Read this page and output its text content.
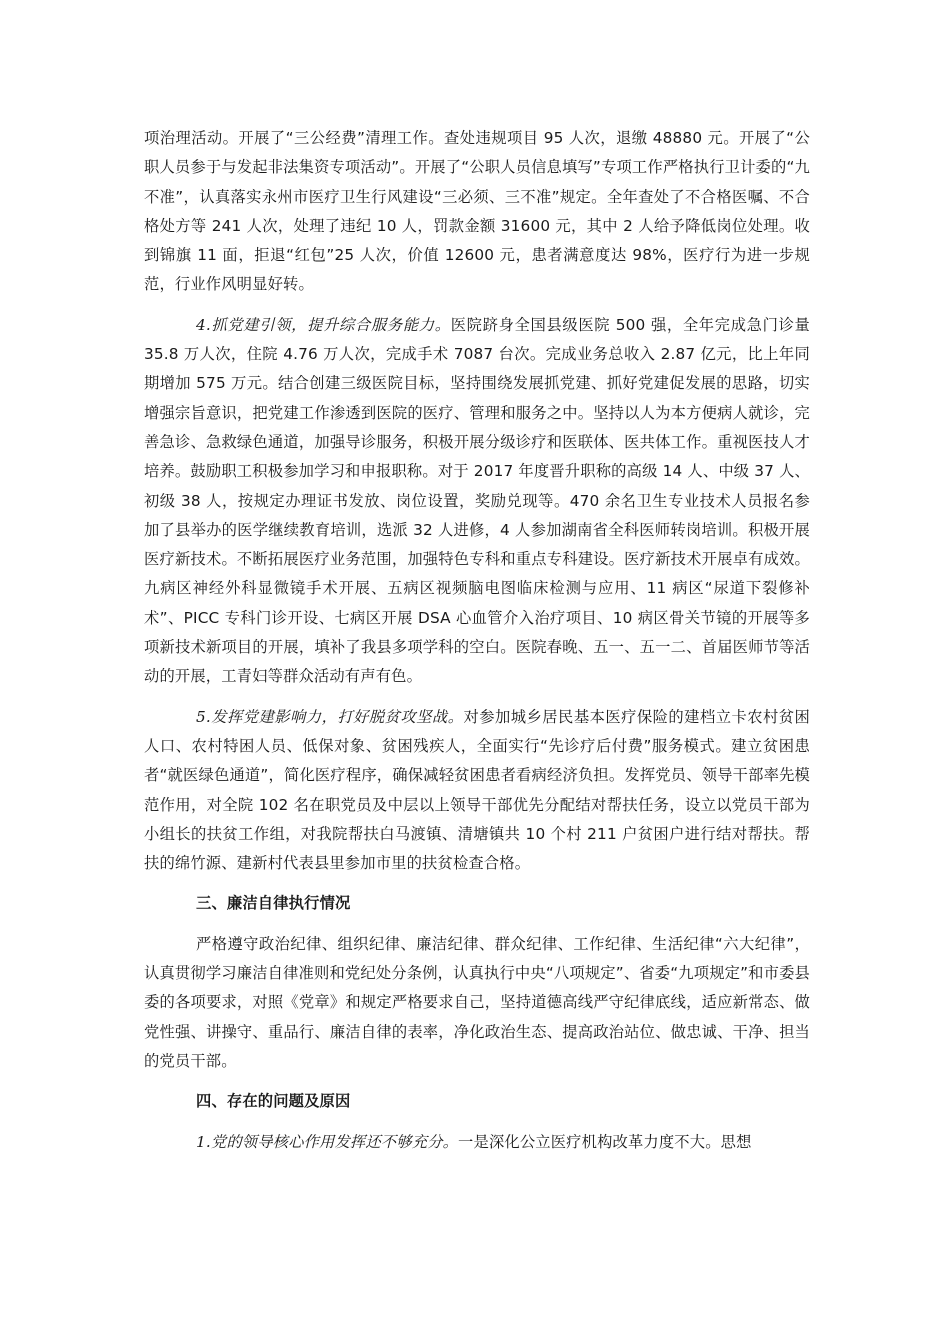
项治理活动。开展了“三公经费”清理工作。查处违规项目 95 人次，退缴 48880 元。开展了“公职人员参于与发起非法集资专项活动”。开展了“公职人员信息填写”专项工作严格执行卫计委的“九不准”，认真落实永州市医疗卫生行风建设“三必须、三不准”规定。全年查处了不合格医嘱、不合格处方等 241 人次，处理了违纪 10 人，罚款金额 31600 元，其中 2 人给予降低岗位处理。收到锦旗 11 面，拒退“红包”25 人次，价值 12600 元，患者满意度达 98%，医疗行为进一步规范，行业作风明显好转。

4.抓党建引领，提升综合服务能力。医院跻身全国县级医院 500 强，全年完成急门诊量 35.8 万人次，住院 4.76 万人次，完成手术 7087 台次。完成业务总收入 2.87 亿元，比上年同期增加 575 万元。结合创建三级医院目标，坚持围绕发展抓党建、抓好党建促发展的思路，切实增强宗旨意识，把党建工作渗透到医院的医疗、管理和服务之中。坚持以人为本方便病人就诊，完善急诊、急救绿色通道，加强导诊服务，积极开展分级诊疗和医联体、医共体工作。重视医技人才培养。鼓励职工积极参加学习和申报职称。对于 2017 年度晋升职称的高级 14 人、中级 37 人、初级 38 人，按规定办理证书发放、岗位设置，奖励兑现等。470 余名卫生专业技术人员报名参加了县举办的医学继续教育培训，选派 32 人进修，4 人参加湖南省全科医师转岗培训。积极开展医疗新技术。不断拓展医疗业务范围，加强特色专科和重点专科建设。医疗新技术开展卓有成效。九病区神经外科显微镜手术开展、五病区视频脑电图临床检测与应用、11 病区“尿道下裂修补术”、PICC 专科门诊开设、七病区开展 DSA 心血管介入治疗项目、10 病区骨关节镜的开展等多项新技术新项目的开展，填补了我县多项学科的空白。医院春晚、五一、五一二、首届医师节等活动的开展，工青妇等群众活动有声有色。

5.发挥党建影响力，打好脱贫攻坚战。对参加城乡居民基本医疗保险的建档立卡农村贫困人口、农村特困人员、低保对象、贫困残疾人，全面实行“先诊疗后付费”服务模式。建立贫困患者“就医绿色通道”，简化医疗程序，确保减轻贫困患者看病经济负担。发挥党员、领导干部率先模范作用，对全院 102 名在职党员及中层以上领导干部优先分配结对帮扶任务，设立以党员干部为小组长的扶贫工作组，对我院帮扶白马渡镇、清塘镇共 10 个村 211 户贫困户进行结对帮扶。帮扶的绵竹源、建新村代表县里参加市里的扶贫检查合格。

三、廉洁自律执行情况

严格遵守政治纪律、组织纪律、廉洁纪律、群众纪律、工作纪律、生活纪律“六大纪律”，认真贯彻学习廉洁自律准则和党纪处分条例，认真执行中央“八项规定”、省委“九项规定”和市委县委的各项要求，对照《党章》和规定严格要求自己，坚持道德高线严守纪律底线，适应新常态、做党性强、讲操守、重品行、廉洁自律的表率，净化政治生态、提高政治站位、做忠诚、干净、担当的党员干部。

四、存在的问题及原因

1.党的领导核心作用发挥还不够充分。一是深化公立医疗机构改革力度不大。思想
